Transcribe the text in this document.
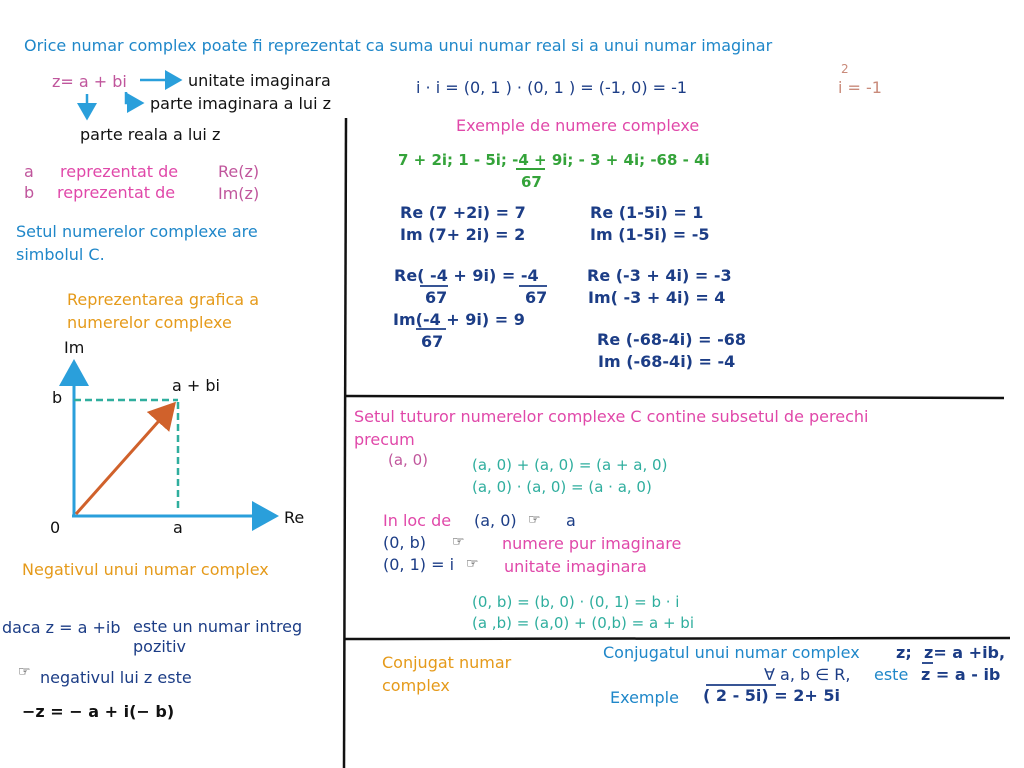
Orice numar complex poate fi reprezentat ca suma unui numar real si a unui numar imaginar
z= a + bi	unitate imaginara
parte imaginara a lui z
parte reala a lui z
i · i = (0, 1 ) · (0, 1 ) = (-1, 0) = -1
2
i = -1
a reprezentat de Re(z)
b reprezentat de	Im(z)
Setul numerelor complexe are
simbolul C.
Reprezentarea grafica a
numerelor complexe
Im
b
a + bi
0	a
Re
Negativul unui numar complex
daca z = a +ib este un numar intreg
pozitiv
☞ negativul lui z este
−z = − a + i(− b)
Exemple de numere complexe
7 + 2i; 1 - 5i; -4 + 9i; - 3 + 4i; -68 - 4i
67
Re (7 +2i) = 7
Im (7+ 2i) = 2
Re (1-5i) = 1
Im (1-5i) = -5
Re( -4 + 9i) = -4
67	67
Im(-4 + 9i) = 9
67
Re (-3 + 4i) = -3
Im( -3 + 4i) = 4
Re (-68-4i) = -68
Im (-68-4i) = -4
Setul tuturor numerelor complexe C contine subsetul de perechi
precum
(a, 0)	(a, 0) + (a, 0) = (a + a, 0)
(a, 0) · (a, 0) = (a · a, 0)
In loc de (a, 0) ☞ a
(0, b) ☞ numere pur imaginare
(0, 1) = i ☞ unitate imaginara
(0, b) = (b, 0) · (0, 1) = b · i
(a ,b) = (a,0) + (0,b) = a + bi
Conjugat numar
complex
Conjugatul unui numar complex z; z= a +ib,
∀ a, b ∈ R, este z = a - ib
Exemple ( 2 - 5i) = 2+ 5i
